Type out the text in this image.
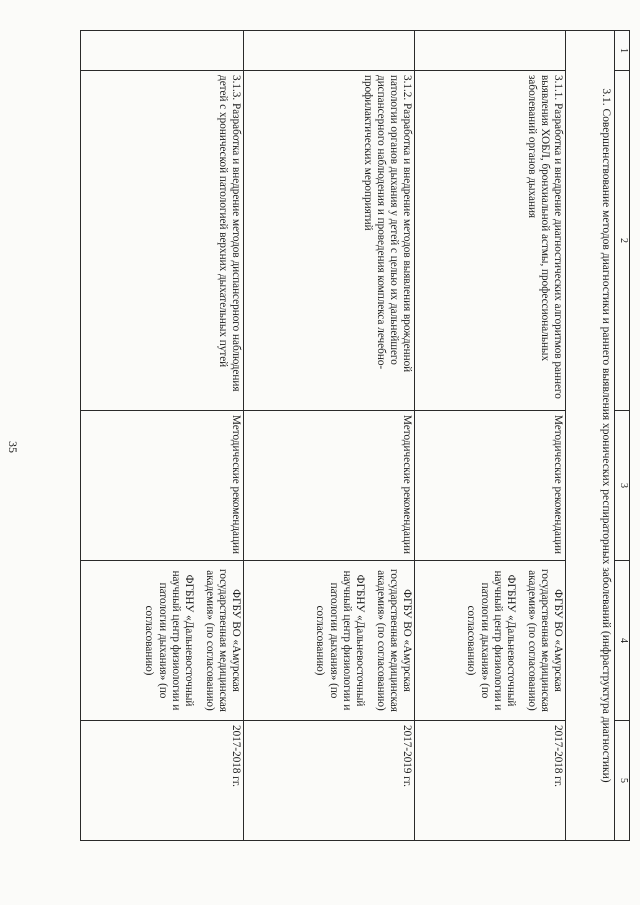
35
1	2	3	4	5
3.1. Совершенствование методов диагностики и раннего выявления хронических респираторных заболеваний (инфраструктура диагностики)				
	3.1.1. Разработка и внедрение диагностических алгоритмов раннего выявления ХОБЛ, бронхиальной астмы, профессиональных заболеваний органов дыхания	Методические рекомендации	ФГБУ ВО «Амурская государственная медицинская академия» (по согласованию)
ФГБНУ «Дальневосточный научный центр физиологии и патологии дыхания» (по согласованию)	2017-2018 гг.
	3.1.2. Разработка и внедрение методов выявления врожденной патологии органов дыхания у детей с целью их дальнейшего диспансерного наблюдения и проведения комплекса лечебно-профилактических мероприятий	Методические рекомендации	ФГБУ ВО «Амурская государственная медицинская академия» (по согласованию)
ФГБНУ «Дальневосточный научный центр физиологии и патологии дыхания» (по согласованию)	2017-2019 гг.
	3.1.3. Разработка и внедрение методов диспансерного наблюдения детей с хронической патологией верхних дыхательных путей	Методические рекомендации	ФГБУ ВО «Амурская государственная медицинская академия» (по согласованию)
ФГБНУ «Дальневосточный научный центр физиологии и патологии дыхания» (по согласованию)	2017-2018 гг.
